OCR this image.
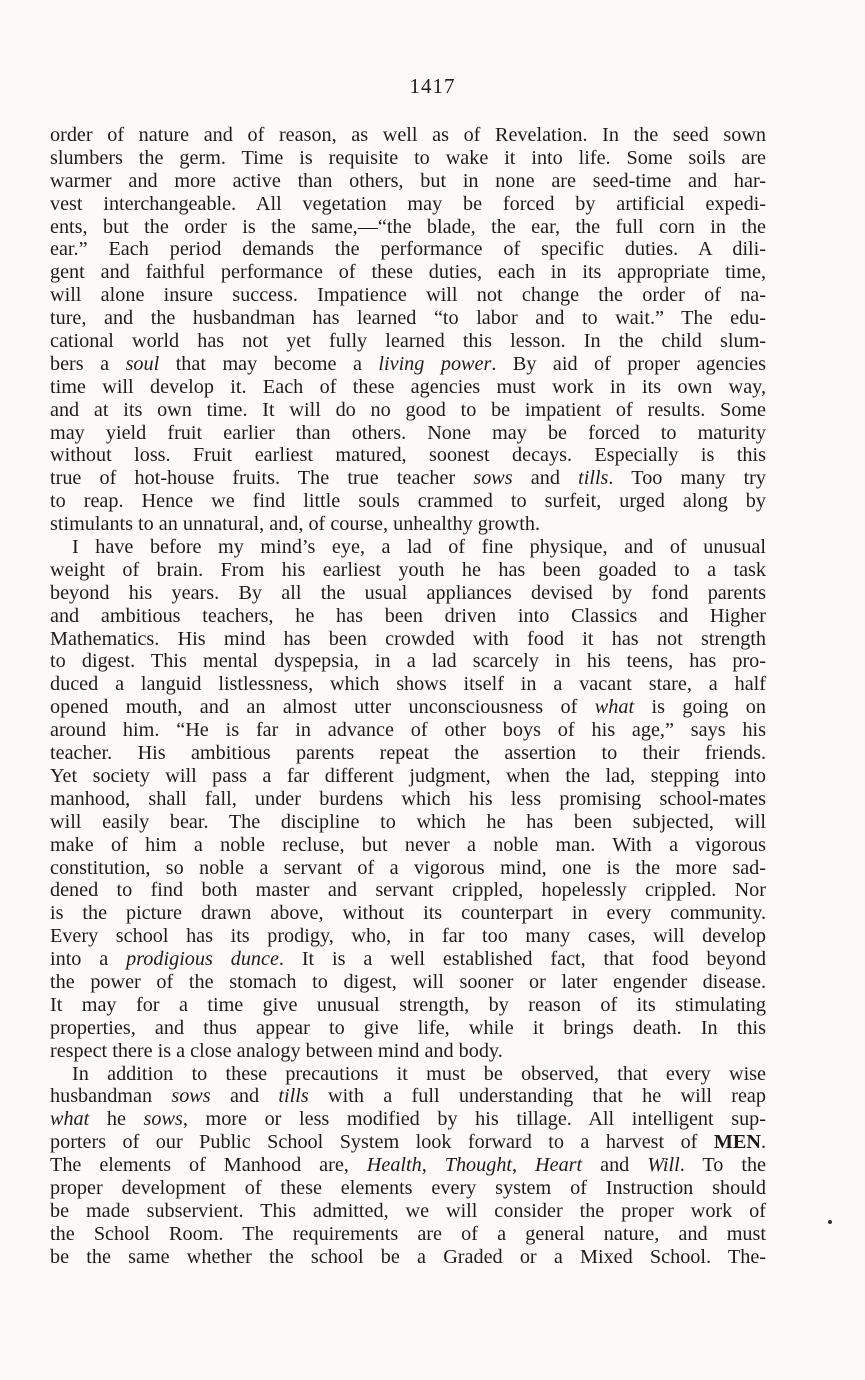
1417

order of nature and of reason, as well as of Revelation. In the seed sown
slumbers the germ. Time is requisite to wake it into life. Some soils are
warmer and more active than others, but in none are seed-time and har-
vest interchangeable. All vegetation may be forced by artificial expedi-
ents, but the order is the same,—“the blade, the ear, the full corn in the
ear.” Each period demands the performance of specific duties. A dili-
gent and faithful performance of these duties, each in its appropriate time,
will alone insure success. Impatience will not change the order of na-
ture, and the husbandman has learned “to labor and to wait.” The edu-
cational world has not yet fully learned this lesson. In the child slum-
bers a soul that may become a living power. By aid of proper agencies
time will develop it. Each of these agencies must work in its own way,
and at its own time. It will do no good to be impatient of results. Some
may yield fruit earlier than others. None may be forced to maturity
without loss. Fruit earliest matured, soonest decays. Especially is this
true of hot-house fruits. The true teacher sows and tills. Too many try
to reap. Hence we find little souls crammed to surfeit, urged along by
stimulants to an unnatural, and, of course, unhealthy growth.

I have before my mind’s eye, a lad of fine physique, and of unusual
weight of brain. From his earliest youth he has been goaded to a task
beyond his years. By all the usual appliances devised by fond parents
and ambitious teachers, he has been driven into Classics and Higher
Mathematics. His mind has been crowded with food it has not strength
to digest. This mental dyspepsia, in a lad scarcely in his teens, has pro-
duced a languid listlessness, which shows itself in a vacant stare, a half
opened mouth, and an almost utter unconsciousness of what is going on
around him. “He is far in advance of other boys of his age,” says his
teacher. His ambitious parents repeat the assertion to their friends.
Yet society will pass a far different judgment, when the lad, stepping into
manhood, shall fall, under burdens which his less promising school-mates
will easily bear. The discipline to which he has been subjected, will
make of him a noble recluse, but never a noble man. With a vigorous
constitution, so noble a servant of a vigorous mind, one is the more sad-
dened to find both master and servant crippled, hopelessly crippled. Nor
is the picture drawn above, without its counterpart in every community.
Every school has its prodigy, who, in far too many cases, will develop
into a prodigious dunce. It is a well established fact, that food beyond
the power of the stomach to digest, will sooner or later engender disease.
It may for a time give unusual strength, by reason of its stimulating
properties, and thus appear to give life, while it brings death. In this
respect there is a close analogy between mind and body.

In addition to these precautions it must be observed, that every wise
husbandman sows and tills with a full understanding that he will reap
what he sows, more or less modified by his tillage. All intelligent sup-
porters of our Public School System look forward to a harvest of MEN.
The elements of Manhood are, Health, Thought, Heart and Will. To the
proper development of these elements every system of Instruction should
be made subservient. This admitted, we will consider the proper work of
the School Room. The requirements are of a general nature, and must
be the same whether the school be a Graded or a Mixed School. The-
